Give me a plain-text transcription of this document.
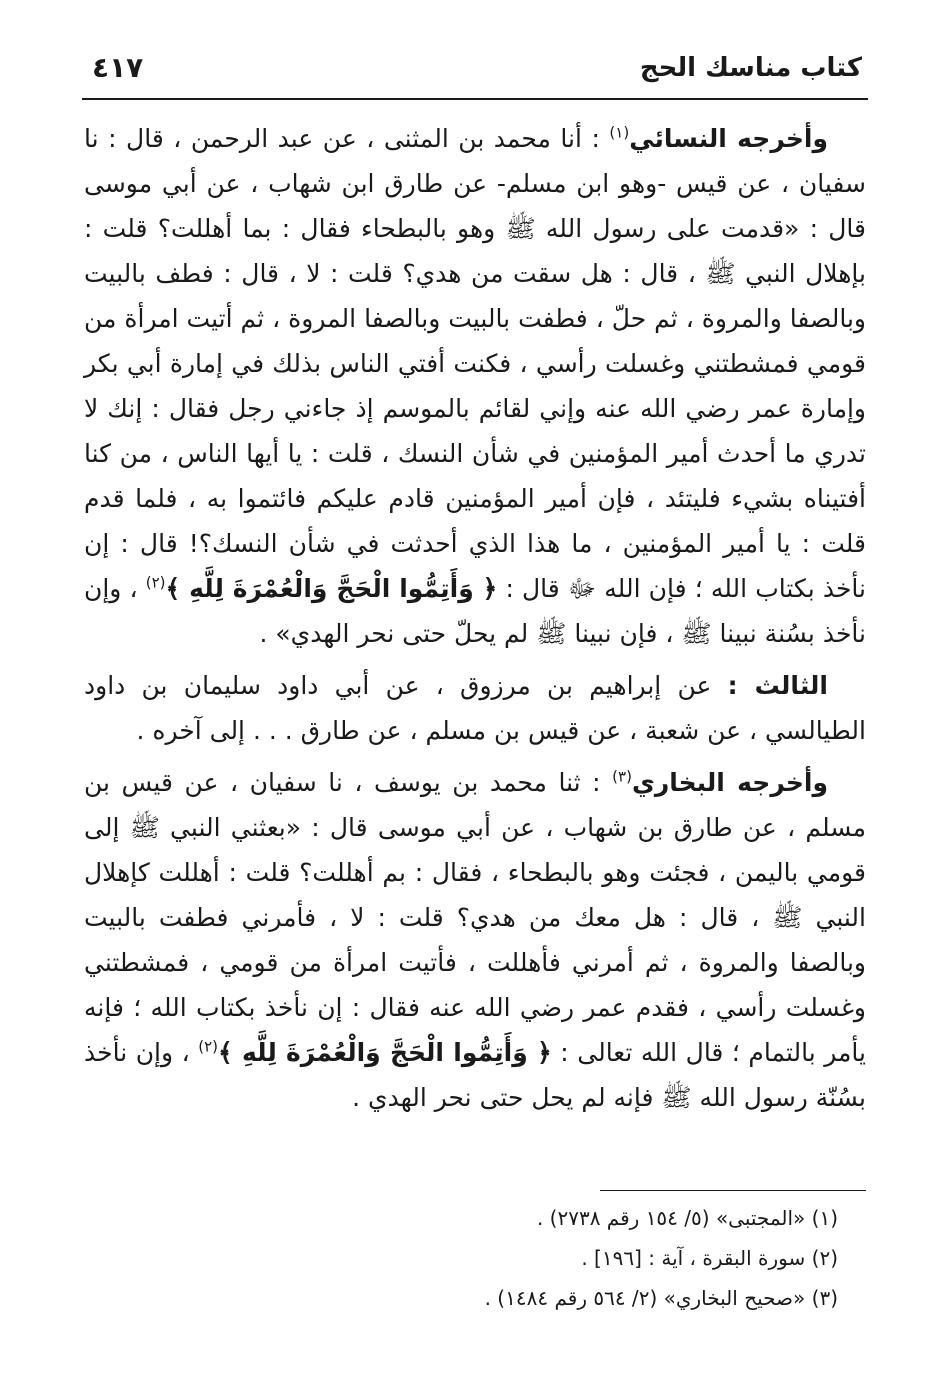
كتاب مناسك الحج
٤١٧

وأخرجه النسائي$^{(١)}$ : أنا محمد بن المثنى ، عن عبد الرحمن ، قال : نا سفيان ، عن قيس -وهو ابن مسلم- عن طارق ابن شهاب ، عن أبي موسى قال : «قدمت على رسول الله ﷺ وهو بالبطحاء فقال : بما أهللت؟ قلت : بإهلال النبي ﷺ ، قال : هل سقت من هدي؟ قلت : لا ، قال : فطف بالبيت وبالصفا والمروة ، ثم حلّ ، فطفت بالبيت وبالصفا المروة ، ثم أتيت امرأة من قومي فمشطتني وغسلت رأسي ، فكنت أفتي الناس بذلك في إمارة أبي بكر وإمارة عمر رضي الله عنه وإني لقائم بالموسم إذ جاءني رجل فقال : إنك لا تدري ما أحدث أمير المؤمنين في شأن النسك ، قلت : يا أيها الناس ، من كنا أفتيناه بشيء فليتئد ، فإن أمير المؤمنين قادم عليكم فائتموا به ، فلما قدم قلت : يا أمير المؤمنين ، ما هذا الذي أحدثت في شأن النسك؟! قال : إن نأخذ بكتاب الله ؛ فإن الله ﷻ قال : ﴿ وَأَتِمُّوا الْحَجَّ وَالْعُمْرَةَ لِلَّهِ ﴾$^{(٢)}$ ، وإن نأخذ بسُنة نبينا ﷺ ، فإن نبينا ﷺ لم يحلّ حتى نحر الهدي» .

الثالث : عن إبراهيم بن مرزوق ، عن أبي داود سليمان بن داود الطيالسي ، عن شعبة ، عن قيس بن مسلم ، عن طارق . . . إلى آخره .

وأخرجه البخاري$^{(٣)}$ : ثنا محمد بن يوسف ، نا سفيان ، عن قيس بن مسلم ، عن طارق بن شهاب ، عن أبي موسى قال : «بعثني النبي ﷺ إلى قومي باليمن ، فجئت وهو بالبطحاء ، فقال : بم أهللت؟ قلت : أهللت كإهلال النبي ﷺ ، قال : هل معك من هدي؟ قلت : لا ، فأمرني فطفت بالبيت وبالصفا والمروة ، ثم أمرني فأهللت ، فأتيت امرأة من قومي ، فمشطتني وغسلت رأسي ، فقدم عمر رضي الله عنه فقال : إن نأخذ بكتاب الله ؛ فإنه يأمر بالتمام ؛ قال الله تعالى : ﴿ وَأَتِمُّوا الْحَجَّ وَالْعُمْرَةَ لِلَّهِ ﴾$^{(٢)}$ ، وإن نأخذ بسُنّة رسول الله ﷺ فإنه لم يحل حتى نحر الهدي .

(١) «المجتبى» (٥/ ١٥٤ رقم ٢٧٣٨) .

(٢) سورة البقرة ، آية : [١٩٦] .

(٣) «صحيح البخاري» (٢/ ٥٦٤ رقم ١٤٨٤) .
